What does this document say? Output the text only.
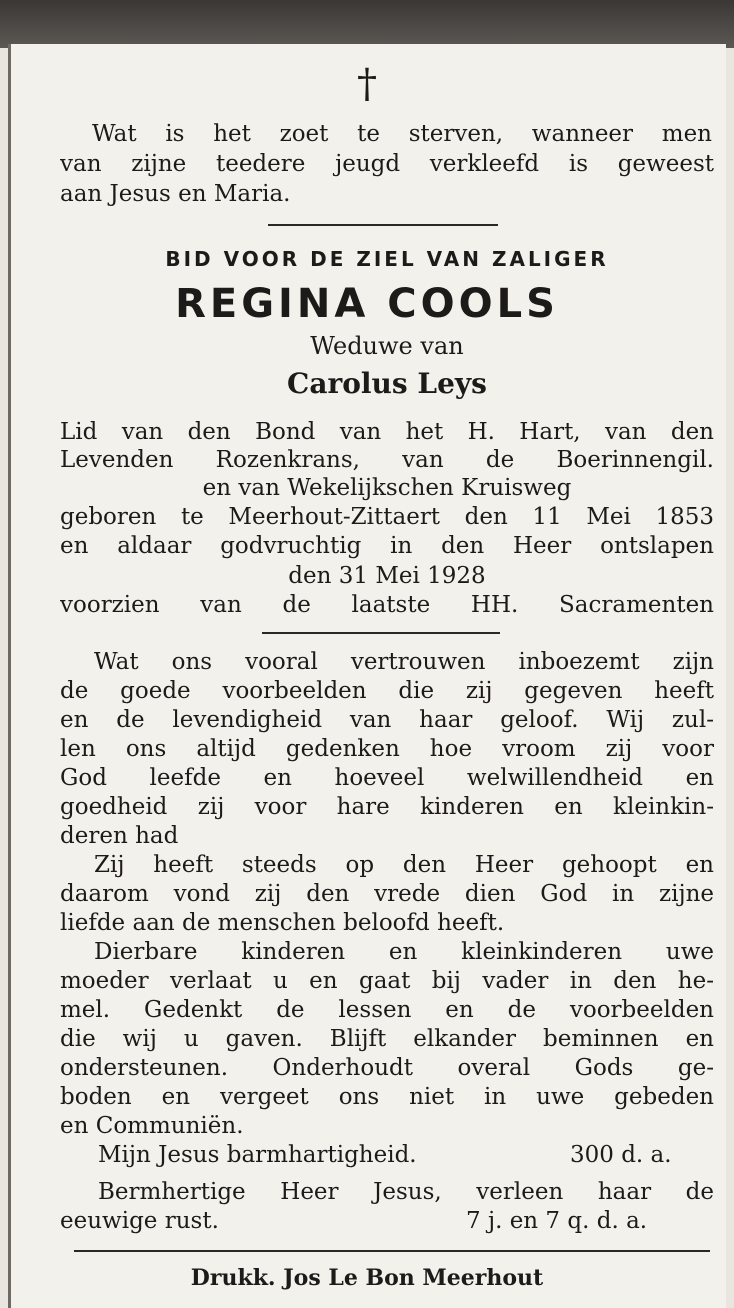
†
Wat is het zoet te sterven, wanneer men
van zijne teedere jeugd verkleefd is geweest
aan Jesus en Maria.
BID VOOR DE ZIEL VAN ZALIGER
REGINA COOLS
Weduwe van
Carolus Leys
Lid van den Bond van het H. Hart, van den
Levenden Rozenkrans, van de Boerinnengil.
en van Wekelijkschen Kruisweg
geboren te Meerhout-Zittaert den 11 Mei 1853
en aldaar godvruchtig in den Heer ontslapen
den 31 Mei 1928
voorzien van de laatste HH. Sacramenten
Wat ons vooral vertrouwen inboezemt zijn
de goede voorbeelden die zij gegeven heeft
en de levendigheid van haar geloof. Wij zul-
len ons altijd gedenken hoe vroom zij voor
God leefde en hoeveel welwillendheid en
goedheid zij voor hare kinderen en kleinkin-
deren had
Zij heeft steeds op den Heer gehoopt en
daarom vond zij den vrede dien God in zijne
liefde aan de menschen beloofd heeft.
Dierbare kinderen en kleinkinderen uwe
moeder verlaat u en gaat bij vader in den he-
mel. Gedenkt de lessen en de voorbeelden
die wij u gaven. Blijft elkander beminnen en
ondersteunen. Onderhoudt overal Gods ge-
boden en vergeet ons niet in uwe gebeden
en Communiën.
Mijn Jesus barmhartigheid.	300 d. a.
Bermhertige Heer Jesus, verleen haar de
eeuwige rust.	7 j. en 7 q. d. a.
Drukk. Jos Le Bon Meerhout
